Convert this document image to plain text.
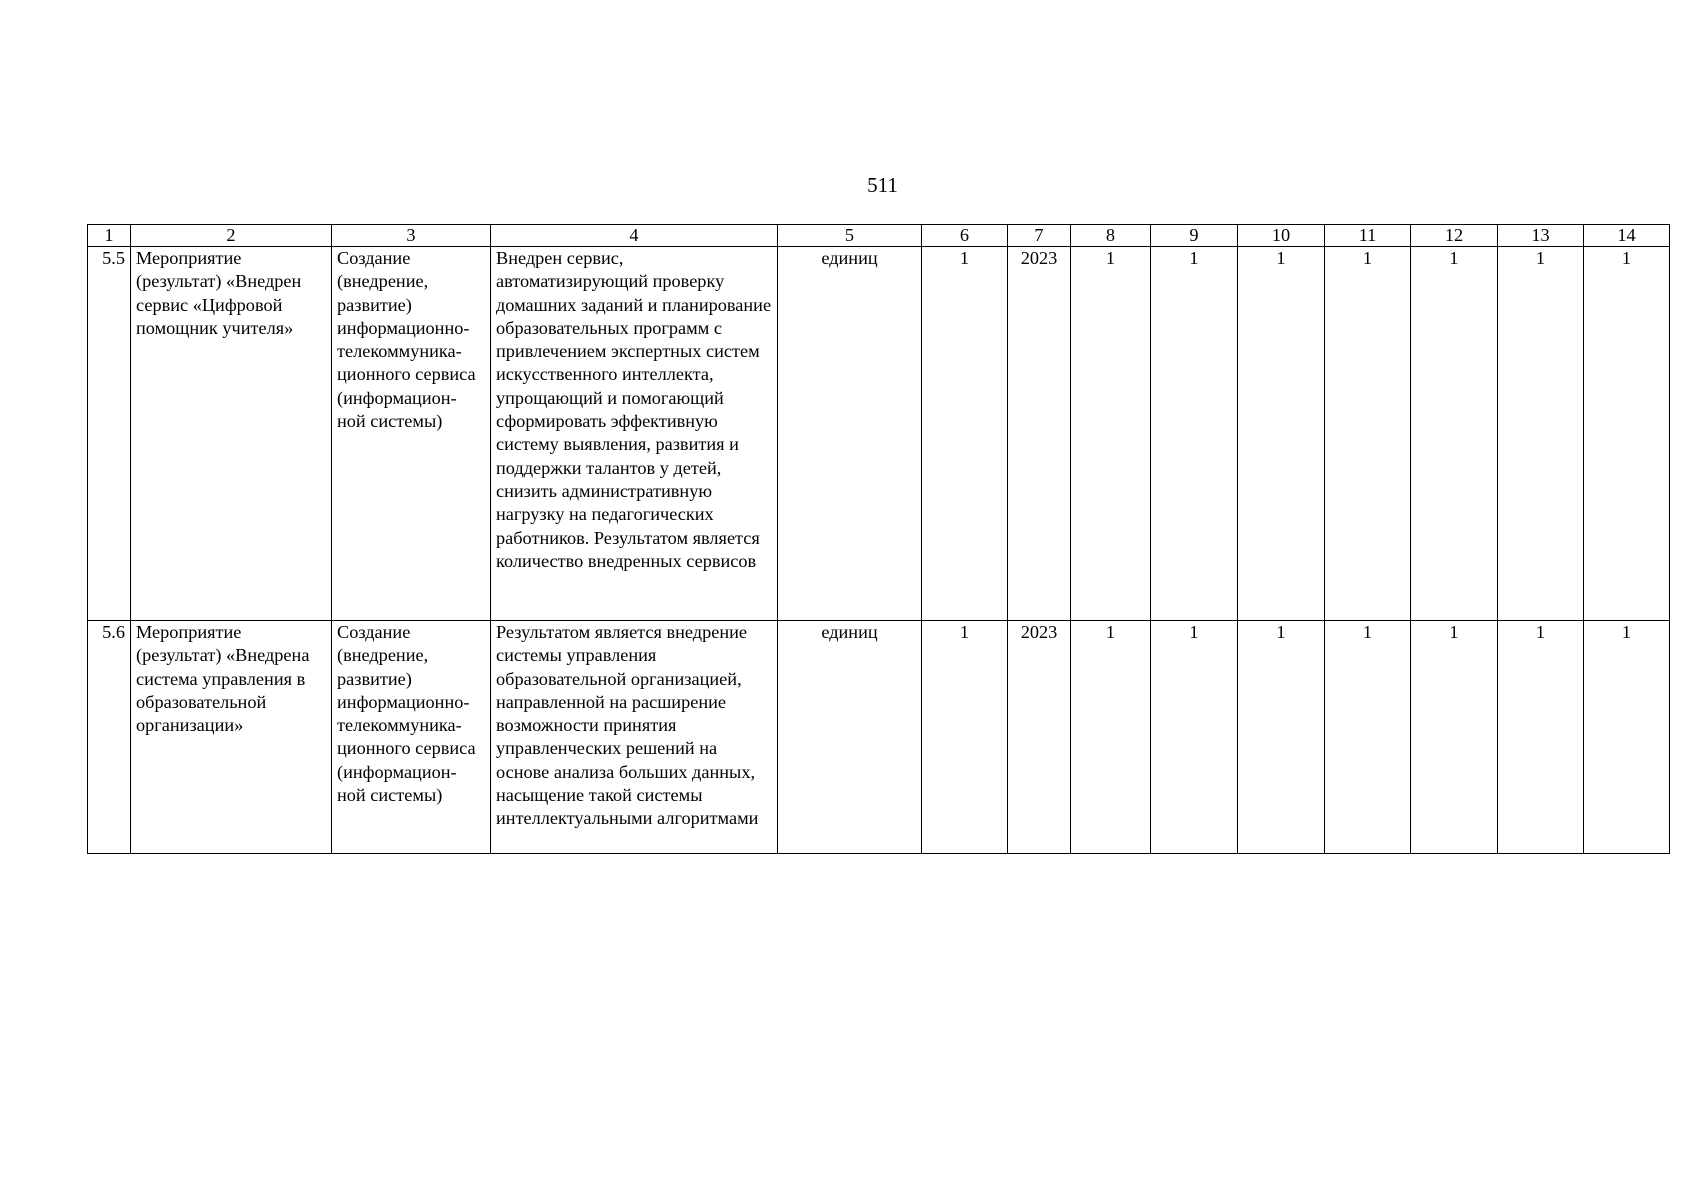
511
1	2	3	4	5	6	7	8	9	10	11	12	13	14
5.5	Мероприятие (результат) «Внедрен сервис «Цифровой помощник учителя»	Создание (внедрение, развитие) информационно-телекоммуника-ционного сервиса (информацион-ной системы)	Внедрен сервис, автоматизирующий проверку домашних заданий и планирование образовательных программ с привлечением экспертных систем искусственного интеллекта, упрощающий и помогающий сформировать эффективную систему выявления, развития и поддержки талантов у детей, снизить административную нагрузку на педагогических работников. Результатом является количество внедренных сервисов	единиц	1	2023	1	1	1	1	1	1	1
5.6	Мероприятие (результат) «Внедрена система управления в образовательной организации»	Создание (внедрение, развитие) информационно-телекоммуника-ционного сервиса (информацион-ной системы)	Результатом является внедрение системы управления образовательной организацией, направленной на расширение возможности принятия управленческих решений на основе анализа больших данных, насыщение такой системы интеллектуальными алгоритмами	единиц	1	2023	1	1	1	1	1	1	1
